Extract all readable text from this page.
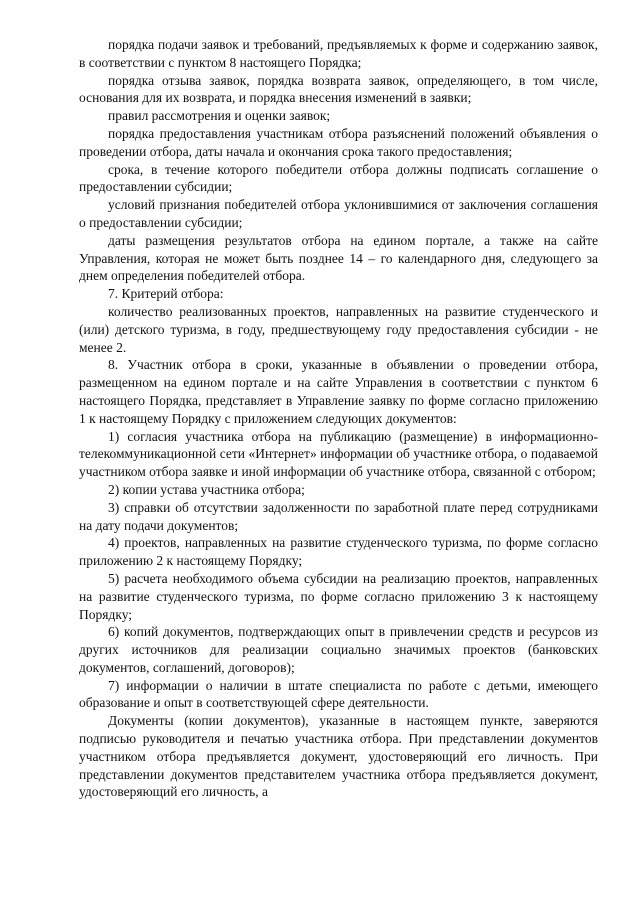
порядка подачи заявок и требований, предъявляемых к форме и содержанию заявок, в соответствии с пунктом 8 настоящего Порядка;

порядка отзыва заявок, порядка возврата заявок, определяющего, в том числе, основания для их возврата, и порядка внесения изменений в заявки;

правил рассмотрения и оценки заявок;

порядка предоставления участникам отбора разъяснений положений объявления о проведении отбора, даты начала и окончания срока такого предоставления;

срока, в течение которого победители отбора должны подписать соглашение о предоставлении субсидии;

условий признания победителей отбора уклонившимися от заключения соглашения о предоставлении субсидии;

даты размещения результатов отбора на едином портале, а также на сайте Управления, которая не может быть позднее 14 – го календарного дня, следующего за днем определения победителей отбора.

7. Критерий отбора:

количество реализованных проектов, направленных на развитие студенческого и (или) детского туризма, в году, предшествующему году предоставления субсидии - не менее 2.

8. Участник отбора в сроки, указанные в объявлении о проведении отбора, размещенном на едином портале и на сайте Управления в соответствии с пунктом 6 настоящего Порядка, представляет в Управление заявку по форме согласно приложению 1 к настоящему Порядку с приложением следующих документов:

1) согласия участника отбора на публикацию (размещение) в информационно-телекоммуникационной сети «Интернет» информации об участнике отбора, о подаваемой участником отбора заявке и иной информации об участнике отбора, связанной с отбором;

2) копии устава участника отбора;

3) справки об отсутствии задолженности по заработной плате перед сотрудниками на дату подачи документов;

4) проектов, направленных на развитие студенческого туризма, по форме согласно приложению 2 к настоящему Порядку;

5) расчета необходимого объема субсидии на реализацию проектов, направленных на развитие студенческого туризма, по форме согласно приложению 3 к настоящему Порядку;

6) копий документов, подтверждающих опыт в привлечении средств и ресурсов из других источников для реализации социально значимых проектов (банковских документов, соглашений, договоров);

7) информации о наличии в штате специалиста по работе с детьми, имеющего образование и опыт в соответствующей сфере деятельности.

Документы (копии документов), указанные в настоящем пункте, заверяются подписью руководителя и печатью участника отбора. При представлении документов участником отбора предъявляется документ, удостоверяющий его личность. При представлении документов представителем участника отбора предъявляется документ, удостоверяющий его личность, а
